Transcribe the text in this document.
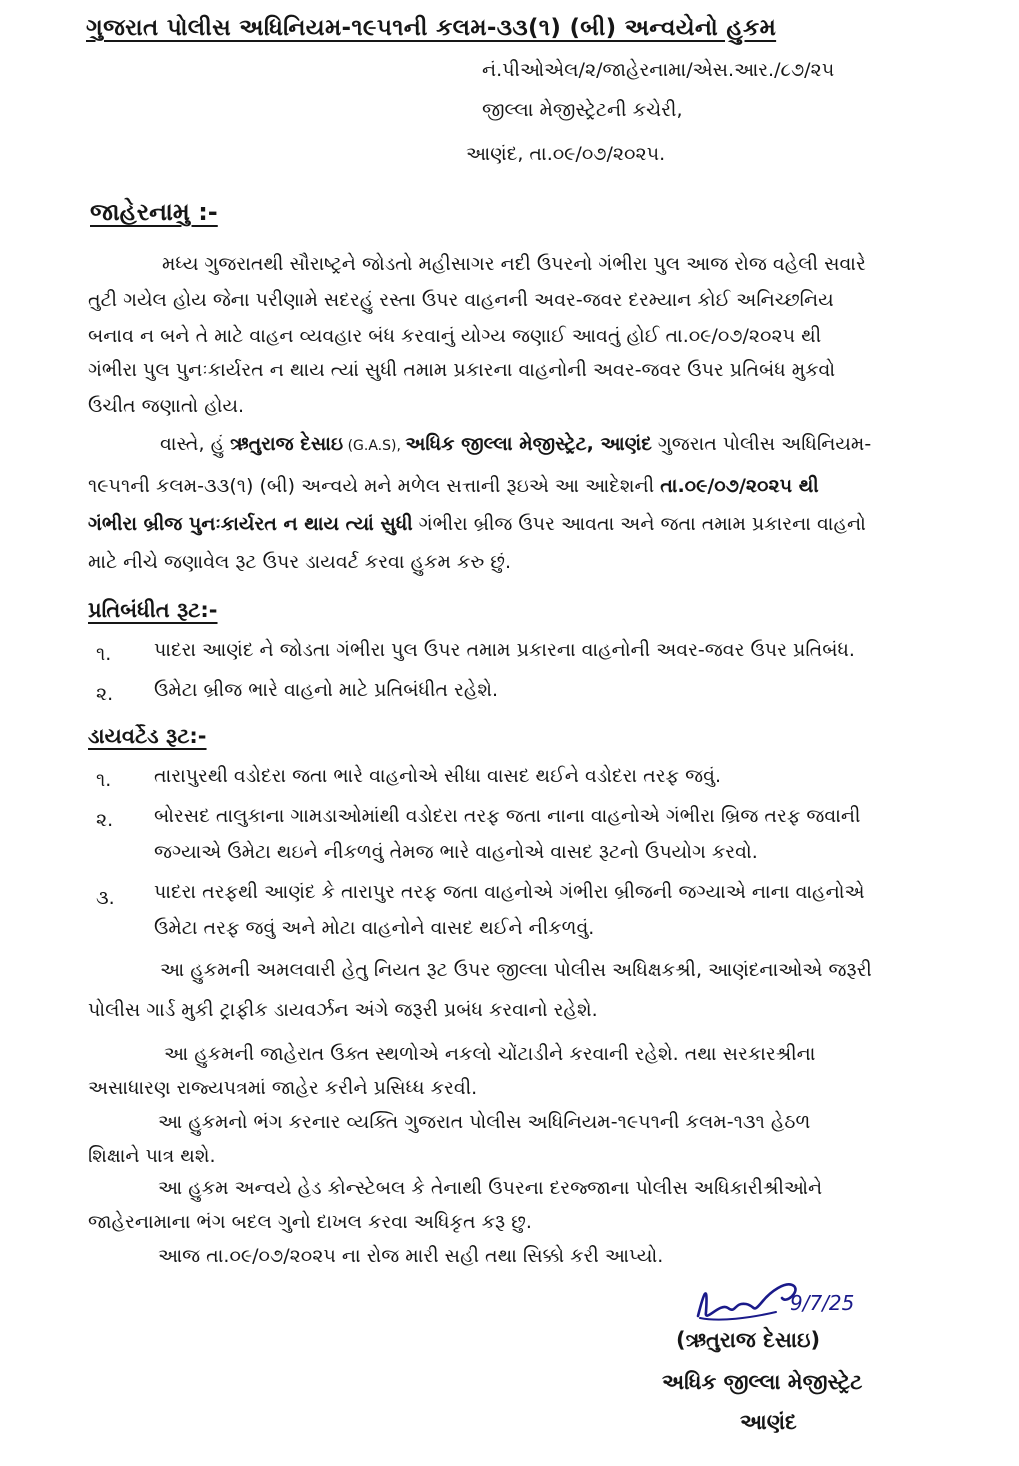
ગુજરાત પોલીસ અધિનિયમ-૧૯૫૧ની કલમ-૩૩(૧) (બી) અન્વયેનો હુકમ
નં.પીઓએલ/૨/જાહેરનામા/એસ.આર./૮૭/૨૫
જીલ્લા મેજીસ્ટ્રેટની કચેરી,
આણંદ, તા.૦૯/૦૭/૨૦૨૫.
જાહેરનામુ :-
મધ્ય ગુજરાતથી સૌરાષ્ટ્રને જોડતો મહીસાગર નદી ઉપરનો ગંભીરા પુલ આજ રોજ વહેલી સવારે
તુટી ગયેલ હોય જેના પરીણામે સદરહું રસ્તા ઉપર વાહનની અવર-જવર દરમ્યાન કોઈ અનિચ્છનિય
બનાવ ન બને તે માટે વાહન વ્યવહાર બંધ કરવાનું યોગ્ય જણાઈ આવતું હોઈ તા.૦૯/૦૭/૨૦૨૫ થી
ગંભીરા પુલ પુનઃકાર્યરત ન થાય ત્યાં સુધી તમામ પ્રકારના વાહનોની અવર-જવર ઉપર પ્રતિબંધ મુકવો
ઉચીત જણાતો હોય.
વાસ્તે, હું ઋતુરાજ દેસાઇ (G.A.S), અધિક જીલ્લા મેજીસ્ટ્રેટ, આણંદ ગુજરાત પોલીસ અધિનિયમ-
૧૯૫૧ની કલમ-૩૩(૧) (બી) અન્વયે મને મળેલ સત્તાની રૂઇએ આ આદેશની તા.૦૯/૦૭/૨૦૨૫ થી
ગંભીરા બ્રીજ પુનઃકાર્યરત ન થાય ત્યાં સુધી ગંભીરા બ્રીજ ઉપર આવતા અને જતા તમામ પ્રકારના વાહનો
માટે નીચે જણાવેલ રૂટ ઉપર ડાયવર્ટ કરવા હુકમ કરુ છું.
પ્રતિબંધીત રૂટ:-
૧. પાદરા આણંદ ને જોડતા ગંભીરા પુલ ઉપર તમામ પ્રકારના વાહનોની અવર-જવર ઉપર પ્રતિબંધ.
૨. ઉમેટા બ્રીજ ભારે વાહનો માટે પ્રતિબંધીત રહેશે.
ડાયવર્ટેડ રૂટ:-
૧. તારાપુરથી વડોદરા જતા ભારે વાહનોએ સીધા વાસદ થઈને વડોદરા તરફ જવું.
૨. બોરસદ તાલુકાના ગામડાઓમાંથી વડોદરા તરફ જતા નાના વાહનોએ ગંભીરા બ્રિજ તરફ જવાની
જગ્યાએ ઉમેટા થઇને નીકળવું તેમજ ભારે વાહનોએ વાસદ રૂટનો ઉપયોગ કરવો.
૩. પાદરા તરફથી આણંદ કે તારાપુર તરફ જતા વાહનોએ ગંભીરા બ્રીજની જગ્યાએ નાના વાહનોએ
ઉમેટા તરફ જવું અને મોટા વાહનોને વાસદ થઈને નીકળવું.
આ હુકમની અમલવારી હેતુ નિયત રૂટ ઉપર જીલ્લા પોલીસ અધિક્ષકશ્રી, આણંદનાઓએ જરૂરી
પોલીસ ગાર્ડ મુકી ટ્રાફીક ડાયવર્ઝન અંગે જરૂરી પ્રબંધ કરવાનો રહેશે.
આ હુકમની જાહેરાત ઉક્ત સ્થળોએ નકલો ચોંટાડીને કરવાની રહેશે. તથા સરકારશ્રીના
અસાધારણ રાજ્યપત્રમાં જાહેર કરીને પ્રસિધ્ધ કરવી.
આ હુકમનો ભંગ કરનાર વ્યક્તિ ગુજરાત પોલીસ અધિનિયમ-૧૯૫૧ની કલમ-૧૩૧ હેઠળ
શિક્ષાને પાત્ર થશે.
આ હુકમ અન્વયે હેડ કોન્સ્ટેબલ કે તેનાથી ઉપરના દરજ્જાના પોલીસ અધિકારીશ્રીઓને
જાહેરનામાના ભંગ બદલ ગુનો દાખલ કરવા અધિકૃત કરૂ છુ.
આજ તા.૦૯/૦૭/૨૦૨૫ ના રોજ મારી સહી તથા સિક્કો કરી આપ્યો.
9/7/25
(ઋતુરાજ દેસાઇ)
અધિક જીલ્લા મેજીસ્ટ્રેટ
આણંદ
